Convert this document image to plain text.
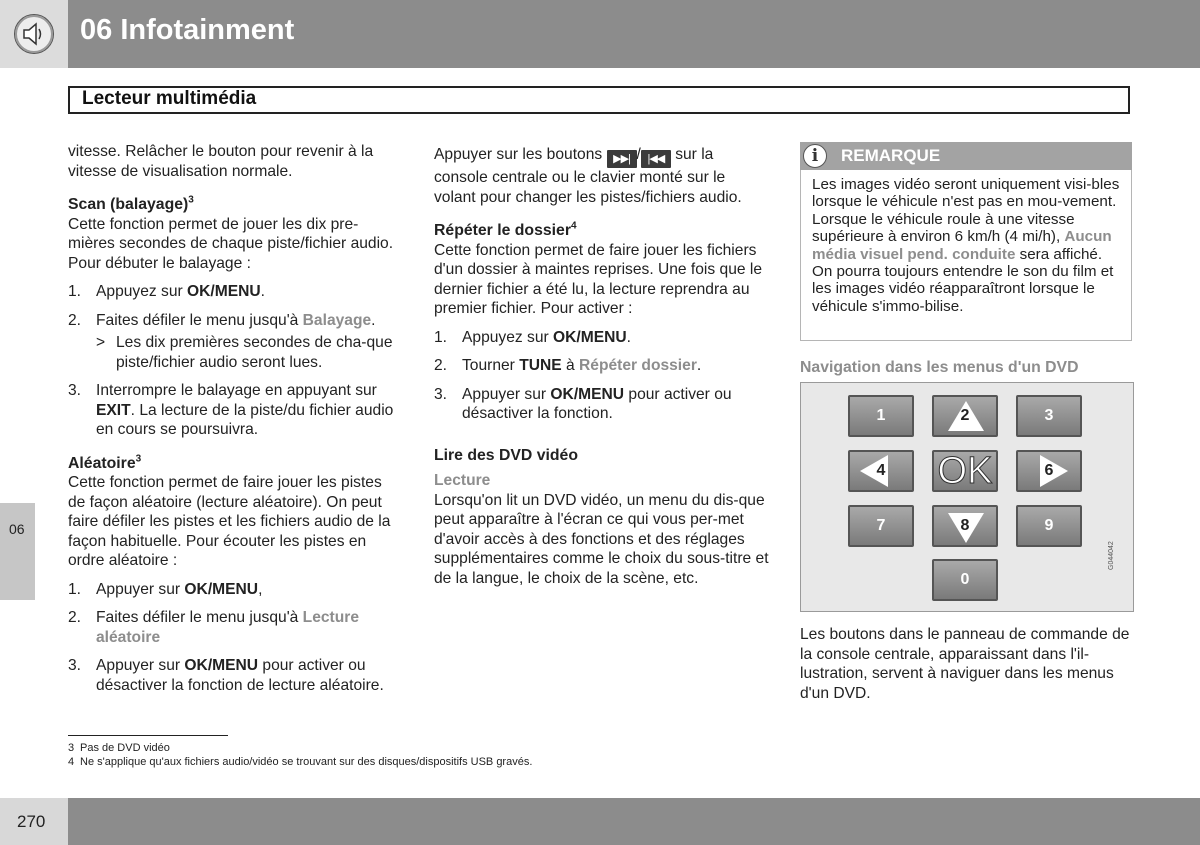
06 Infotainment
Lecteur multimédia
06

vitesse. Relâcher le bouton pour revenir à la vitesse de visualisation normale.

Scan (balayage)$^3$

Cette fonction permet de jouer les dix pre-mières secondes de chaque piste/fichier audio. Pour débuter le balayage :

1. Appuyez sur OK/MENU.
2. Faites défiler le menu jusqu'à Balayage.
> Les dix premières secondes de cha-que piste/fichier audio seront lues.
3. Interrompre le balayage en appuyant sur EXIT. La lecture de la piste/du fichier audio en cours se poursuivra.

Aléatoire$^3$

Cette fonction permet de faire jouer les pistes de façon aléatoire (lecture aléatoire). On peut faire défiler les pistes et les fichiers audio de la façon habituelle. Pour écouter les pistes en ordre aléatoire :

1. Appuyer sur OK/MENU,
2. Faites défiler le menu jusqu'à Lecture aléatoire
3. Appuyer sur OK/MENU pour activer ou désactiver la fonction de lecture aléatoire.

Appuyer sur les boutons ▶▶| / |◀◀ sur la console centrale ou le clavier monté sur le volant pour changer les pistes/fichiers audio.

Répéter le dossier$^4$

Cette fonction permet de faire jouer les fichiers d'un dossier à maintes reprises. Une fois que le dernier fichier a été lu, la lecture reprendra au premier fichier. Pour activer :

1. Appuyez sur OK/MENU.
2. Tourner TUNE à Répéter dossier.
3. Appuyer sur OK/MENU pour activer ou désactiver la fonction.

Lire des DVD vidéo

Lecture

Lorsqu'on lit un DVD vidéo, un menu du dis-que peut apparaître à l'écran ce qui vous per-met d'avoir accès à des fonctions et des réglages supplémentaires comme le choix du sous-titre et de la langue, le choix de la scène, etc.

i	REMARQUE
Les images vidéo seront uniquement visi-bles lorsque le véhicule n'est pas en mou-vement. Lorsque le véhicule roule à une vitesse supérieure à environ 6 km/h (4 mi/h), Aucun média visuel pend. conduite sera affiché. On pourra toujours entendre le son du film et les images vidéo réapparaîtront lorsque le véhicule s'immo-bilise.
Navigation dans les menus d'un DVD
1	2	3
4	OK	6
7	8	9
0
G044042
Les boutons dans le panneau de commande de la console centrale, apparaissant dans l'il-lustration, servent à naviguer dans les menus d'un DVD.
3 Pas de DVD vidéo
4 Ne s'applique qu'aux fichiers audio/vidéo se trouvant sur des disques/dispositifs USB gravés.
270
